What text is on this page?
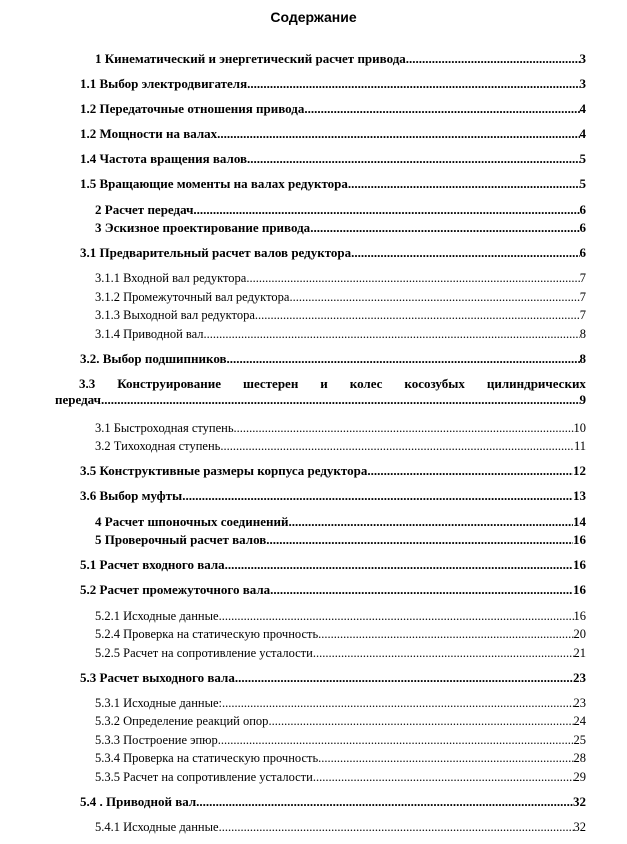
Содержание
1 Кинематический и энергетический расчет привода .....	3
1.1 Выбор электродвигателя .....	3
1.2 Передаточные отношения привода .....	4
1.2 Мощности на валах .....	4
1.4 Частота вращения валов .....	5
1.5 Вращающие моменты на валах редуктора .....	5
2 Расчет передач .....	6
3 Эскизное проектирование привода .....	6
3.1 Предварительный расчет валов редуктора .....	6
3.1.1 Входной вал редуктора .....	7
3.1.2 Промежуточный вал редуктора .....	7
3.1.3 Выходной вал редуктора .....	7
3.1.4 Приводной вал .....	8
3.2. Выбор подшипников .....	8
3.3 Конструирование шестерен и колес косозубых цилиндрических
передач .....	9
3.1 Быстроходная ступень .....	10
3.2 Тихоходная ступень .....	11
3.5 Конструктивные размеры корпуса редуктора .....	12
3.6 Выбор муфты .....	13
4 Расчет шпоночных соединений .....	14
5 Проверочный расчет валов .....	16
5.1 Расчет входного вала .....	16
5.2 Расчет промежуточного вала .....	16
5.2.1 Исходные данные .....	16
5.2.4 Проверка на статическую прочность .....	20
5.2.5 Расчет на сопротивление усталости .....	21
5.3 Расчет выходного вала .....	23
5.3.1 Исходные данные: .....	23
5.3.2 Определение реакций опор .....	24
5.3.3 Построение эпюр .....	25
5.3.4 Проверка на статическую прочность .....	28
5.3.5 Расчет на сопротивление усталости .....	29
5.4 . Приводной вал .....	32
5.4.1 Исходные данные .....	32
